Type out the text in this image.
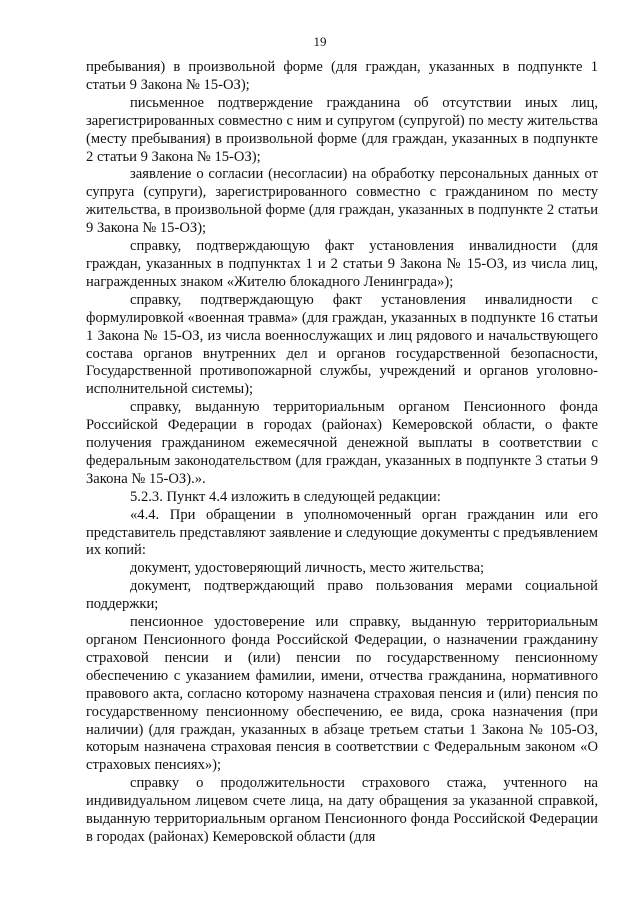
19

пребывания) в произвольной форме (для граждан, указанных в подпункте 1 статьи 9 Закона № 15-ОЗ);

письменное подтверждение гражданина об отсутствии иных лиц, зарегистрированных совместно с ним и супругом (супругой) по месту жительства (месту пребывания) в произвольной форме (для граждан, указанных в подпункте 2 статьи 9 Закона № 15-ОЗ);

заявление о согласии (несогласии) на обработку персональных данных от супруга (супруги), зарегистрированного совместно с гражданином по месту жительства, в произвольной форме (для граждан, указанных в подпункте 2 статьи 9 Закона № 15-ОЗ);

справку, подтверждающую факт установления инвалидности (для граждан, указанных в подпунктах 1 и 2 статьи 9 Закона № 15-ОЗ, из числа лиц, награжденных знаком «Жителю блокадного Ленинграда»);

справку, подтверждающую факт установления инвалидности с формулировкой «военная травма» (для граждан, указанных в подпункте 16 статьи 1 Закона № 15-ОЗ, из числа военнослужащих и лиц рядового и начальствующего состава органов внутренних дел и органов государственной безопасности, Государственной противопожарной службы, учреждений и органов уголовно-исполнительной системы);

справку, выданную территориальным органом Пенсионного фонда Российской Федерации в городах (районах) Кемеровской области, о факте получения гражданином ежемесячной денежной выплаты в соответствии с федеральным законодательством (для граждан, указанных в подпункте 3 статьи 9 Закона № 15-ОЗ).».

5.2.3. Пункт 4.4 изложить в следующей редакции:

«4.4. При обращении в уполномоченный орган гражданин или его представитель представляют заявление и следующие документы с предъявлением их копий:

документ, удостоверяющий личность, место жительства;

документ, подтверждающий право пользования мерами социальной поддержки;

пенсионное удостоверение или справку, выданную территориальным органом Пенсионного фонда Российской Федерации, о назначении гражданину страховой пенсии и (или) пенсии по государственному пенсионному обеспечению с указанием фамилии, имени, отчества гражданина, нормативного правового акта, согласно которому назначена страховая пенсия и (или) пенсия по государственному пенсионному обеспечению, ее вида, срока назначения (при наличии) (для граждан, указанных в абзаце третьем статьи 1 Закона № 105-ОЗ, которым назначена страховая пенсия в соответствии с Федеральным законом «О страховых пенсиях»);

справку о продолжительности страхового стажа, учтенного на индивидуальном лицевом счете лица, на дату обращения за указанной справкой, выданную территориальным органом Пенсионного фонда Российской Федерации в городах (районах) Кемеровской области (для
